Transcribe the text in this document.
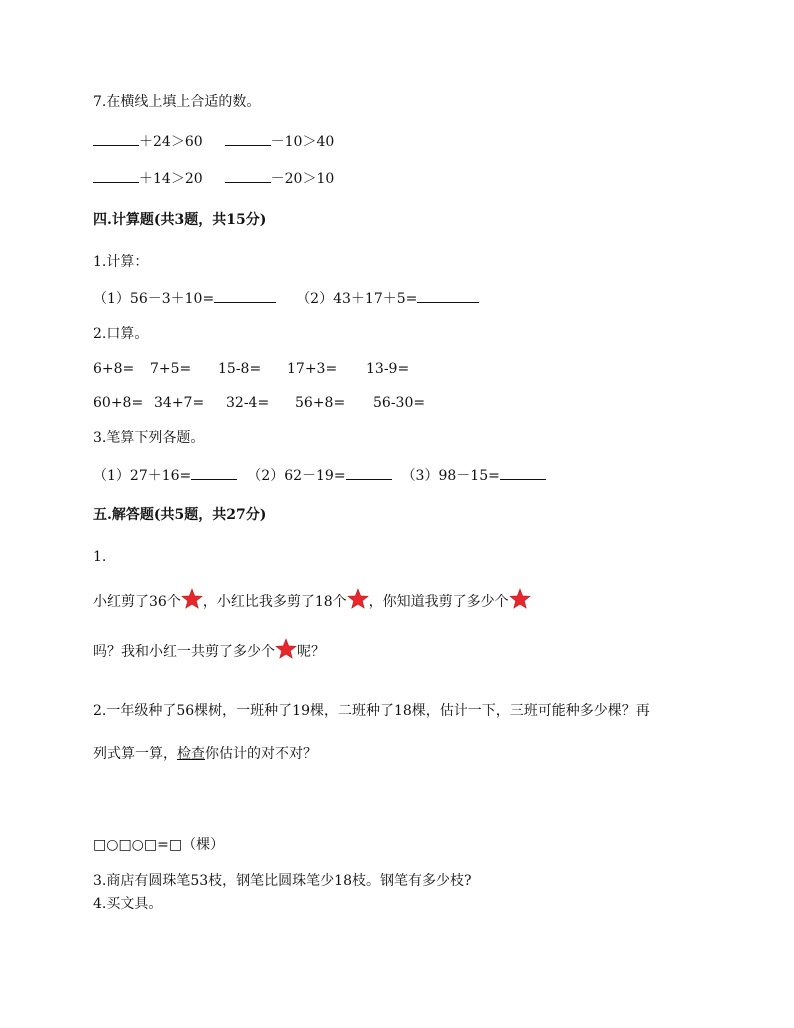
7.在横线上填上合适的数。
＋24＞60	－10＞40
＋14＞20	－20＞10
四.计算题(共3题，共15分)
1.计算：
（1）56－3＋10=	（2）43＋17＋5=
2.口算。
6+8= 7+5= 15-8= 17+3= 13-9=
60+8= 34+7= 32-4= 56+8= 56-30=
3.笔算下列各题。
（1）27＋16=	（2）62－19=	（3）98－15=
五.解答题(共5题，共27分)
1.
小红剪了36个 ，小红比我多剪了18个 ，你知道我剪了多少个
吗？我和小红一共剪了多少个 呢？
2.一年级种了56棵树，一班种了19棵，二班种了18棵，估计一下，三班可能种多少棵？再
列式算一算，检查你估计的对不对？
□○□○□=□（棵）
3.商店有圆珠笔53枝，钢笔比圆珠笔少18枝。钢笔有多少枝?
4.买文具。
